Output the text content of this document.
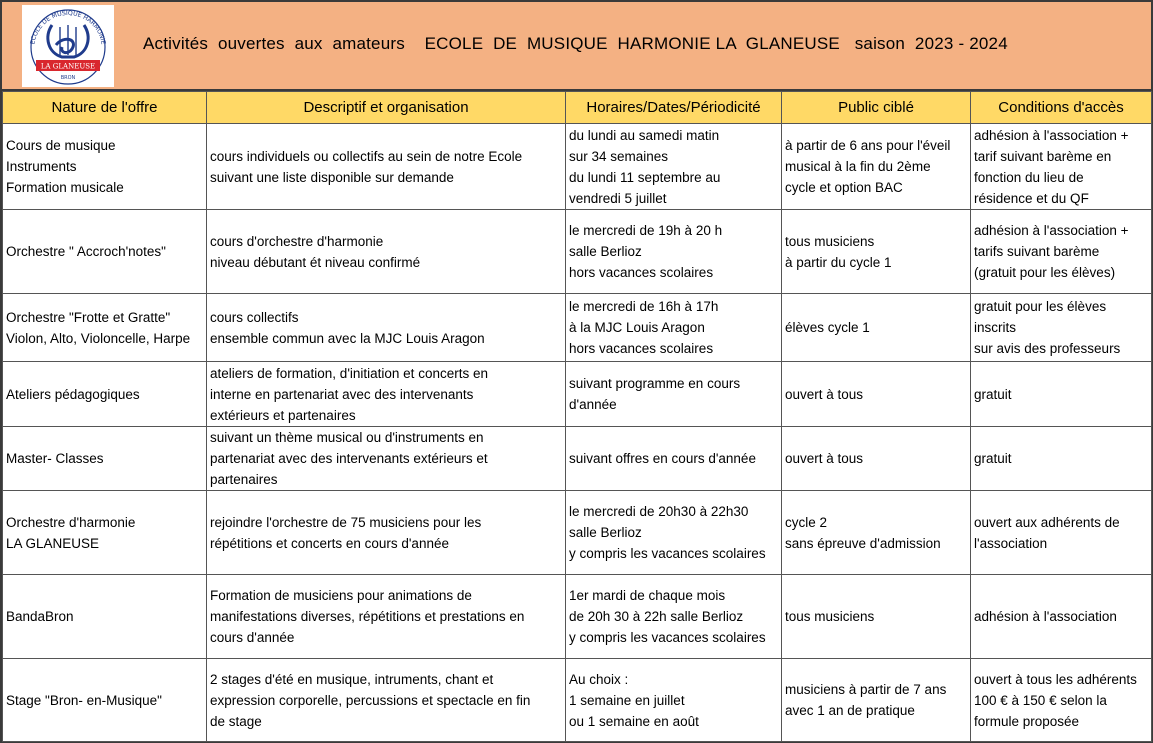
ECOLE DE MUSIQUE HARMONIE
LA GLANEUSE
BRON
Activités  ouvertes  aux  amateurs    ECOLE  DE  MUSIQUE  HARMONIE LA  GLANEUSE   saison  2023 - 2024
Nature de l'offre	Descriptif et organisation	Horaires/Dates/Périodicité	Public ciblé	Conditions d'accès

Cours de musique
Instruments
Formation musicale	cours individuels ou collectifs au sein de notre Ecole
suivant une liste disponible sur demande	du lundi au samedi matin
sur 34 semaines
du lundi 11 septembre au
vendredi 5 juillet	à partir de 6 ans pour l'éveil
musical à la fin du 2ème
cycle et option BAC	adhésion à l'association +
tarif suivant barème en
fonction du lieu de
résidence et du QF

Orchestre " Accroch'notes"	cours d'orchestre d'harmonie
niveau débutant ét niveau confirmé	le mercredi de 19h à 20 h
salle Berlioz
hors vacances scolaires	tous musiciens
à partir du cycle 1	adhésion à l'association +
tarifs suivant barème
(gratuit pour les élèves)

Orchestre "Frotte et Gratte"
Violon, Alto, Violoncelle, Harpe	cours collectifs
ensemble commun avec la MJC Louis Aragon	le mercredi de 16h à 17h
à la MJC Louis Aragon
hors vacances scolaires	élèves cycle 1	gratuit pour les élèves
inscrits
sur avis des professeurs

Ateliers pédagogiques	ateliers de formation, d'initiation et concerts en
interne en partenariat avec des intervenants
extérieurs et partenaires	suivant programme en cours
d'année	ouvert à tous	gratuit

Master- Classes	suivant un thème musical ou d'instruments en
partenariat avec des intervenants extérieurs et
partenaires	suivant offres en cours d'année	ouvert à tous	gratuit

Orchestre d'harmonie
LA GLANEUSE	rejoindre l'orchestre de 75 musiciens pour les
répétitions et concerts en cours d'année	le mercredi de 20h30 à 22h30
salle Berlioz
y compris les vacances scolaires	cycle 2
sans épreuve d'admission	ouvert aux adhérents de
l'association

BandaBron	Formation de musiciens pour animations de
manifestations diverses, répétitions et prestations en
cours d'année	1er mardi de chaque mois
de 20h 30 à 22h salle Berlioz
y compris les vacances scolaires	tous musiciens	adhésion à l'association

Stage "Bron- en-Musique"	2 stages d'été en musique, intruments, chant et
expression corporelle, percussions et spectacle en fin
de stage	Au choix :
1 semaine en juillet
ou 1 semaine en août	musiciens à partir de 7 ans
avec 1 an de pratique	ouvert à tous les adhérents
100 € à 150 € selon la
formule proposée
